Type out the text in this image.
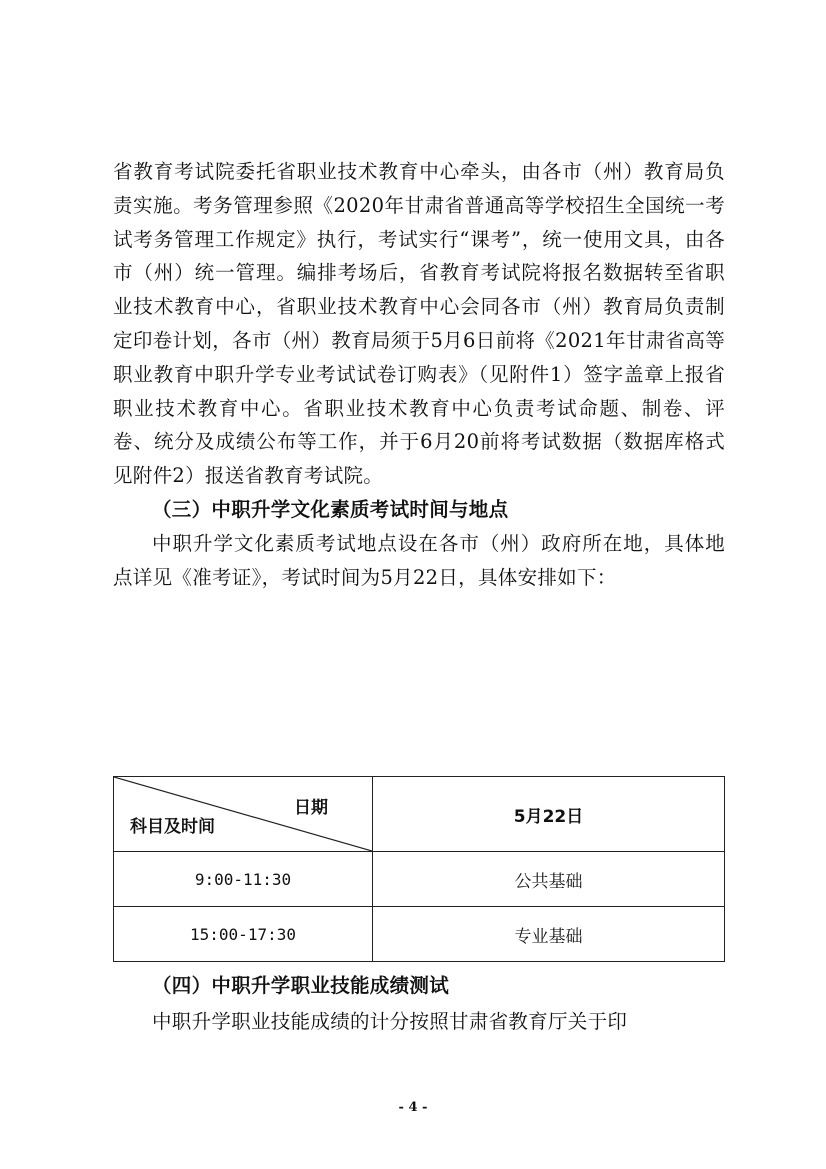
省教育考试院委托省职业技术教育中心牵头，由各市（州）教育局负责实施。考务管理参照《2020年甘肃省普通高等学校招生全国统一考试考务管理工作规定》执行，考试实行“课考”，统一使用文具，由各市（州）统一管理。编排考场后，省教育考试院将报名数据转至省职业技术教育中心，省职业技术教育中心会同各市（州）教育局负责制定印卷计划，各市（州）教育局须于5月6日前将《2021年甘肃省高等职业教育中职升学专业考试试卷订购表》（见附件1）签字盖章上报省职业技术教育中心。省职业技术教育中心负责考试命题、制卷、评卷、统分及成绩公布等工作，并于6月20前将考试数据（数据库格式见附件2）报送省教育考试院。

（三）中职升学文化素质考试时间与地点

中职升学文化素质考试地点设在各市（州）政府所在地，具体地点详见《准考证》，考试时间为5月22日，具体安排如下：

日期
科目及时间	5月22日
9:00-11:30	公共基础
15:00-17:30	专业基础

（四）中职升学职业技能成绩测试

中职升学职业技能成绩的计分按照甘肃省教育厅关于印

- 4 -
